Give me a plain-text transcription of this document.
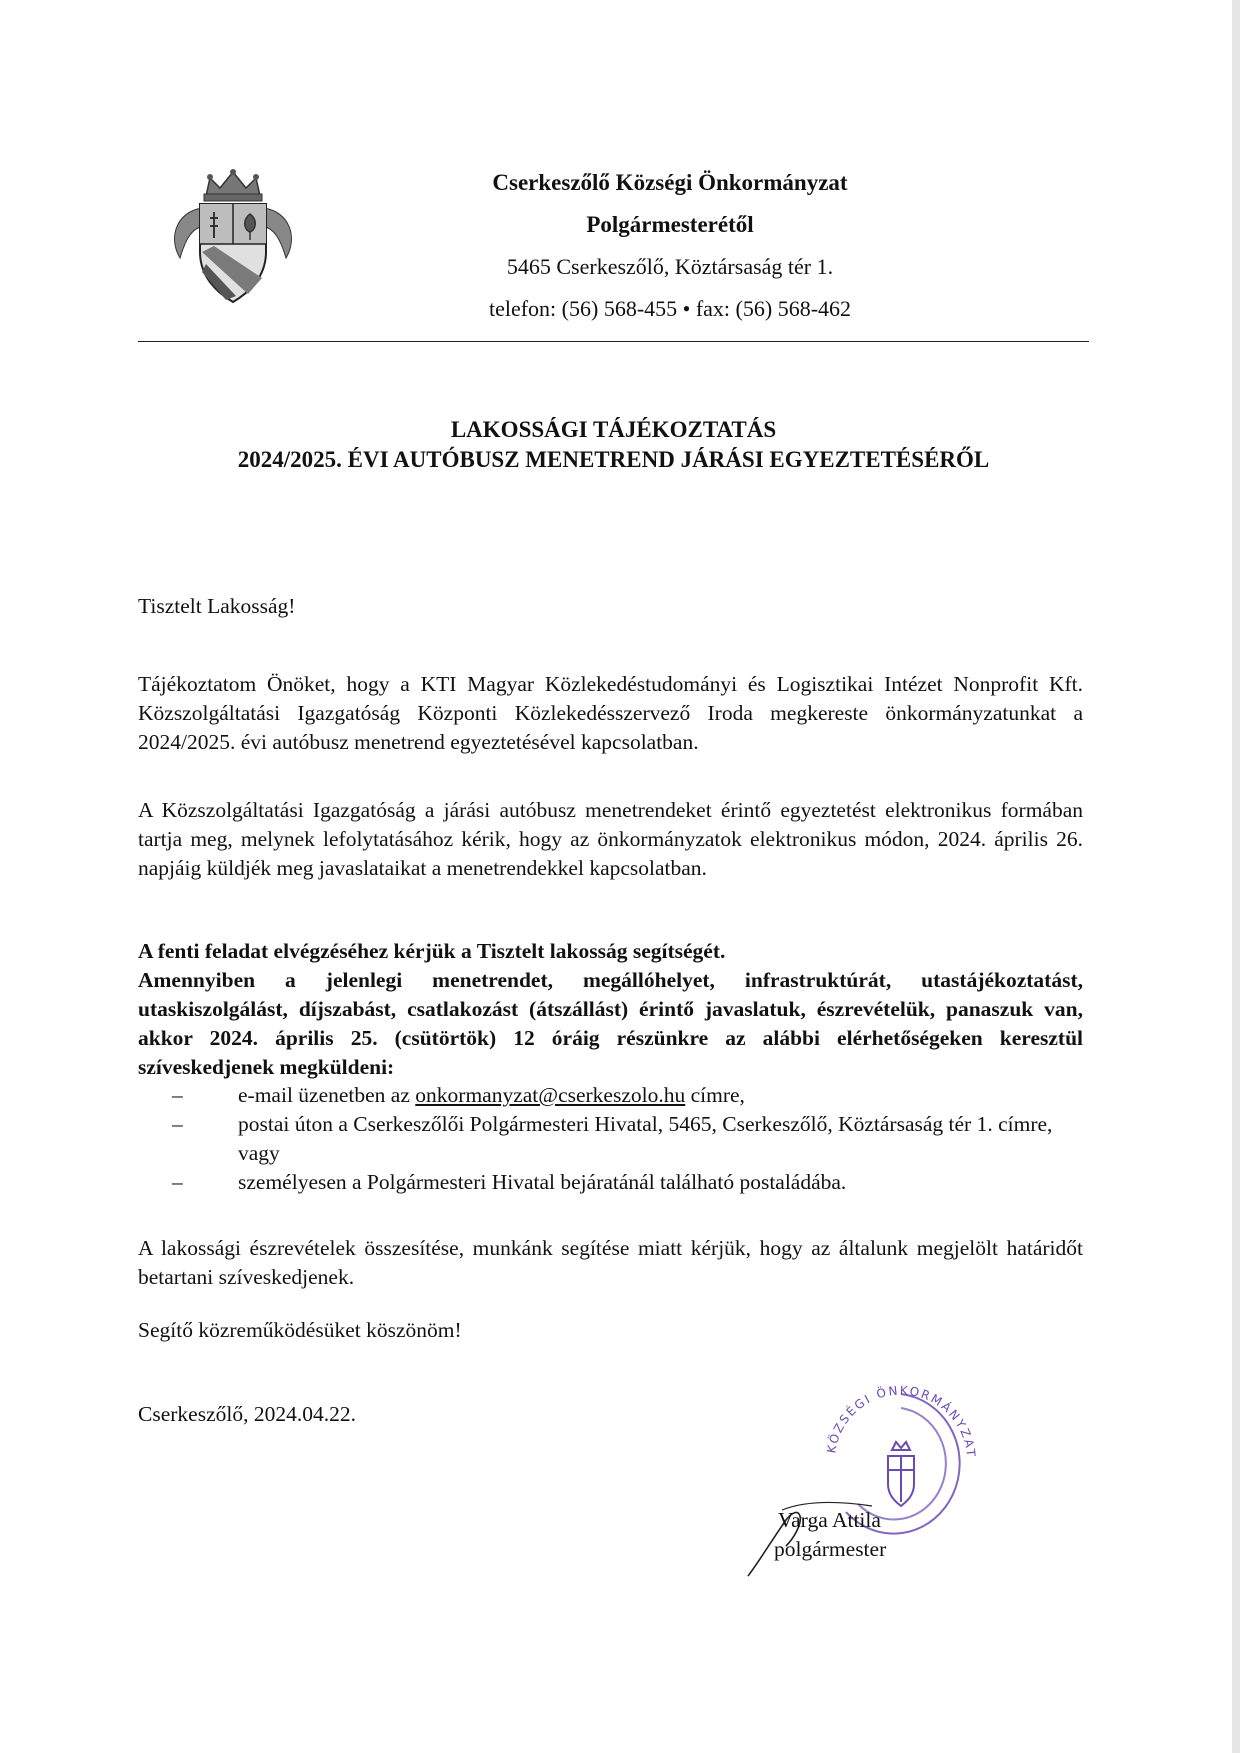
Cserkeszőlő Községi Önkormányzat

Polgármesterétől

5465 Cserkeszőlő, Köztársaság tér 1.

telefon: (56) 568-455 • fax: (56) 568-462

LAKOSSÁGI TÁJÉKOZTATÁS

2024/2025. ÉVI AUTÓBUSZ MENETREND JÁRÁSI EGYEZTETÉSÉRŐL

Tisztelt Lakosság!
Tájékoztatom Önöket, hogy a KTI Magyar Közlekedéstudományi és Logisztikai Intézet Nonprofit Kft. Közszolgáltatási Igazgatóság Központi Közlekedésszervező Iroda megkereste önkormányzatunkat a 2024/2025. évi autóbusz menetrend egyeztetésével kapcsolatban.
A Közszolgáltatási Igazgatóság a járási autóbusz menetrendeket érintő egyeztetést elektronikus formában tartja meg, melynek lefolytatásához kérik, hogy az önkormányzatok elektronikus módon, 2024. április 26. napjáig küldjék meg javaslataikat a menetrendekkel kapcsolatban.

A fenti feladat elvégzéséhez kérjük a Tisztelt lakosság segítségét.

Amennyiben a jelenlegi menetrendet, megállóhelyet, infrastruktúrát, utastájékoztatást, utaskiszolgálást, díjszabást, csatlakozást (átszállást) érintő javaslatuk, észrevételük, panaszuk van, akkor 2024. április 25. (csütörtök) 12 óráig részünkre az alábbi elérhetőségeken keresztül szíveskedjenek megküldeni:

–	e-mail üzenetben az onkormanyzat@cserkeszolo.hu címre,
–	postai úton a Cserkeszőlői Polgármesteri Hivatal, 5465, Cserkeszőlő, Köztársaság tér 1. címre, vagy
–	személyesen a Polgármesteri Hivatal bejáratánál található postaládába.
A lakossági észrevételek összesítése, munkánk segítése miatt kérjük, hogy az általunk megjelölt határidőt betartani szíveskedjenek.
Segítő közreműködésüket köszönöm!
Cserkeszőlő, 2024.04.22.
KÖZSÉGI ÖNKORMÁNYZAT
Varga Attila
polgármester
